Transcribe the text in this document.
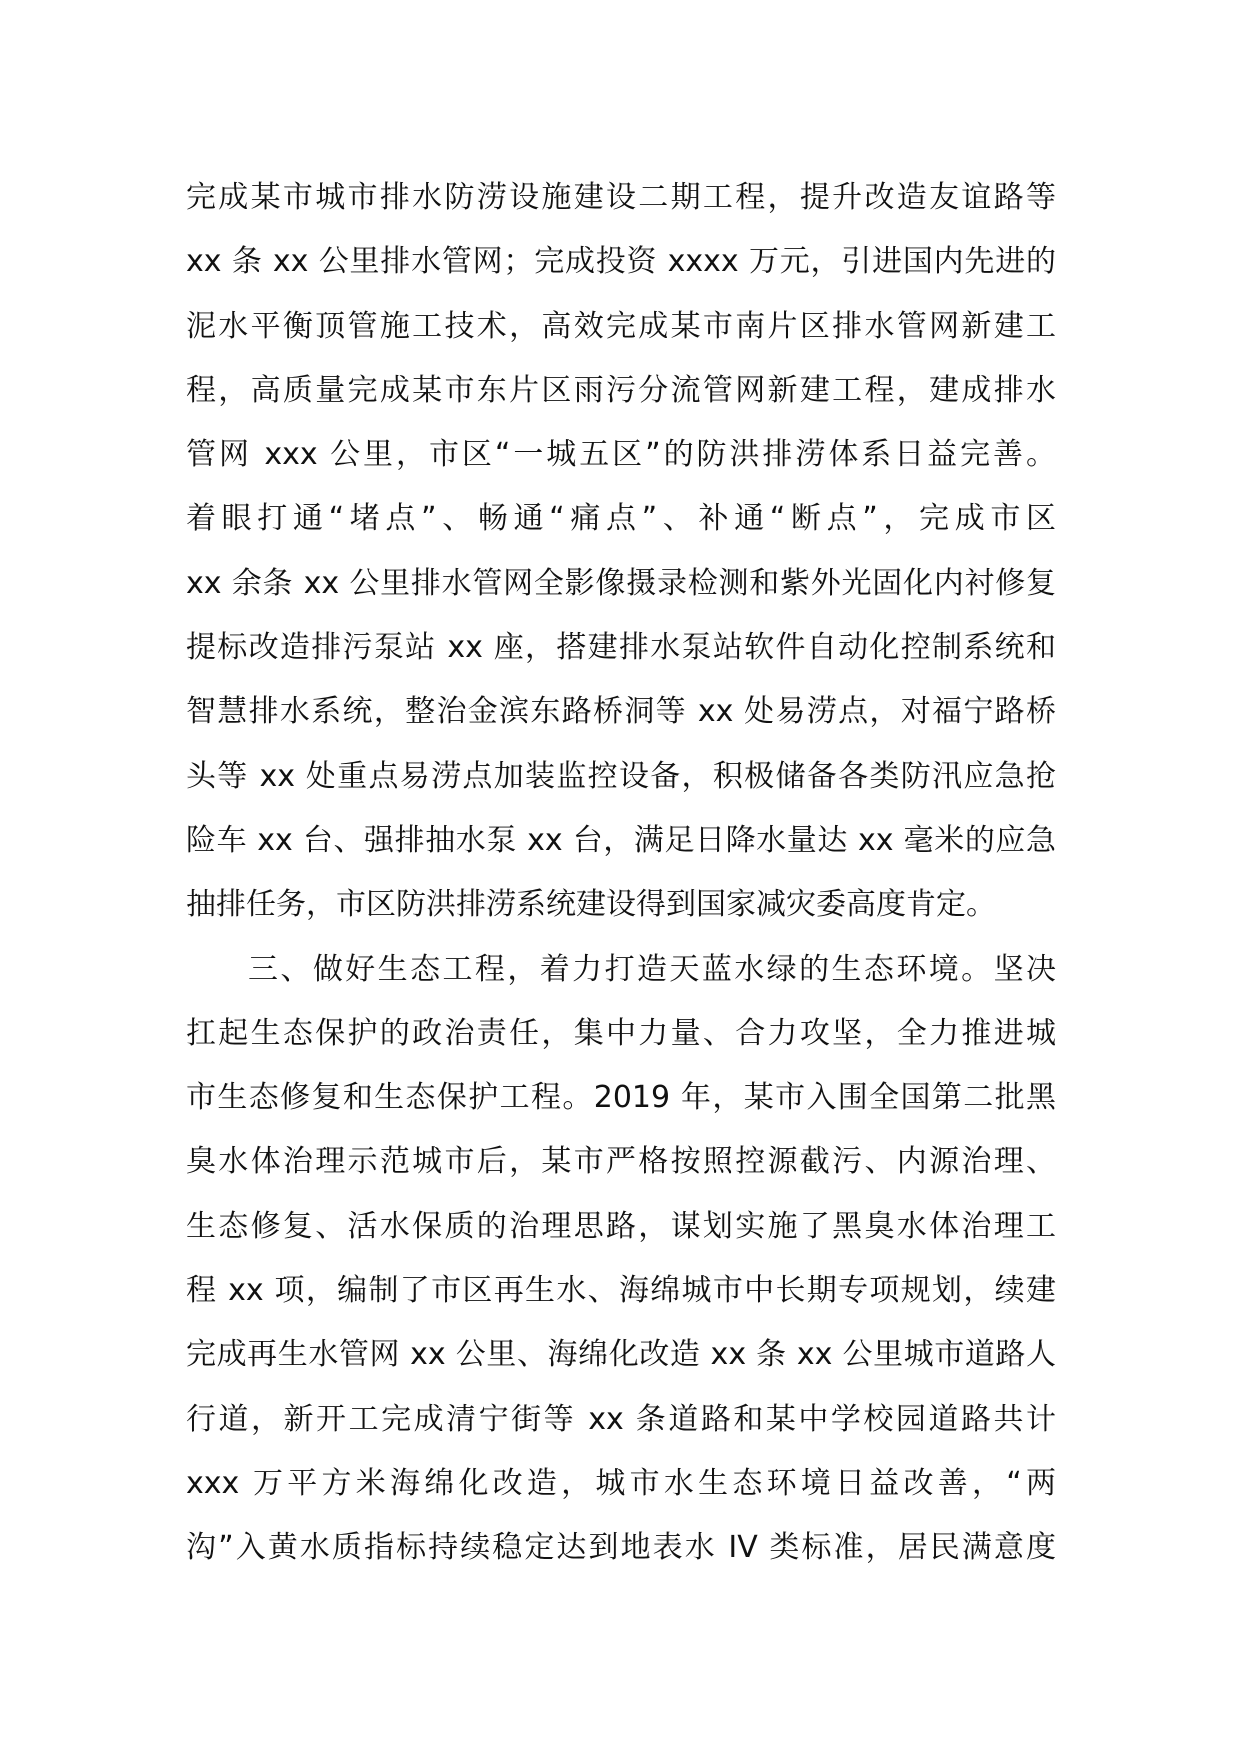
完成某市城市排水防涝设施建设二期工程，提升改造友谊路等
xx 条 xx 公里排水管网；完成投资 xxxx 万元，引进国内先进的
泥水平衡顶管施工技术，高效完成某市南片区排水管网新建工
程，高质量完成某市东片区雨污分流管网新建工程，建成排水
管网 xxx 公里，市区“一城五区”的防洪排涝体系日益完善。
着眼打通“堵点”、畅通“痛点”、补通“断点”，完成市区
xx 余条 xx 公里排水管网全影像摄录检测和紫外光固化内衬修复
提标改造排污泵站 xx 座，搭建排水泵站软件自动化控制系统和
智慧排水系统，整治金滨东路桥洞等 xx 处易涝点，对福宁路桥
头等 xx 处重点易涝点加装监控设备，积极储备各类防汛应急抢
险车 xx 台、强排抽水泵 xx 台，满足日降水量达 xx 毫米的应急
抽排任务，市区防洪排涝系统建设得到国家减灾委高度肯定。
三、做好生态工程，着力打造天蓝水绿的生态环境。坚决
扛起生态保护的政治责任，集中力量、合力攻坚，全力推进城
市生态修复和生态保护工程。2019 年，某市入围全国第二批黑
臭水体治理示范城市后，某市严格按照控源截污、内源治理、
生态修复、活水保质的治理思路，谋划实施了黑臭水体治理工
程 xx 项，编制了市区再生水、海绵城市中长期专项规划，续建
完成再生水管网 xx 公里、海绵化改造 xx 条 xx 公里城市道路人
行道，新开工完成清宁街等 xx 条道路和某中学校园道路共计
xxx 万平方米海绵化改造，城市水生态环境日益改善，“两
沟”入黄水质指标持续稳定达到地表水 IV 类标准，居民满意度
